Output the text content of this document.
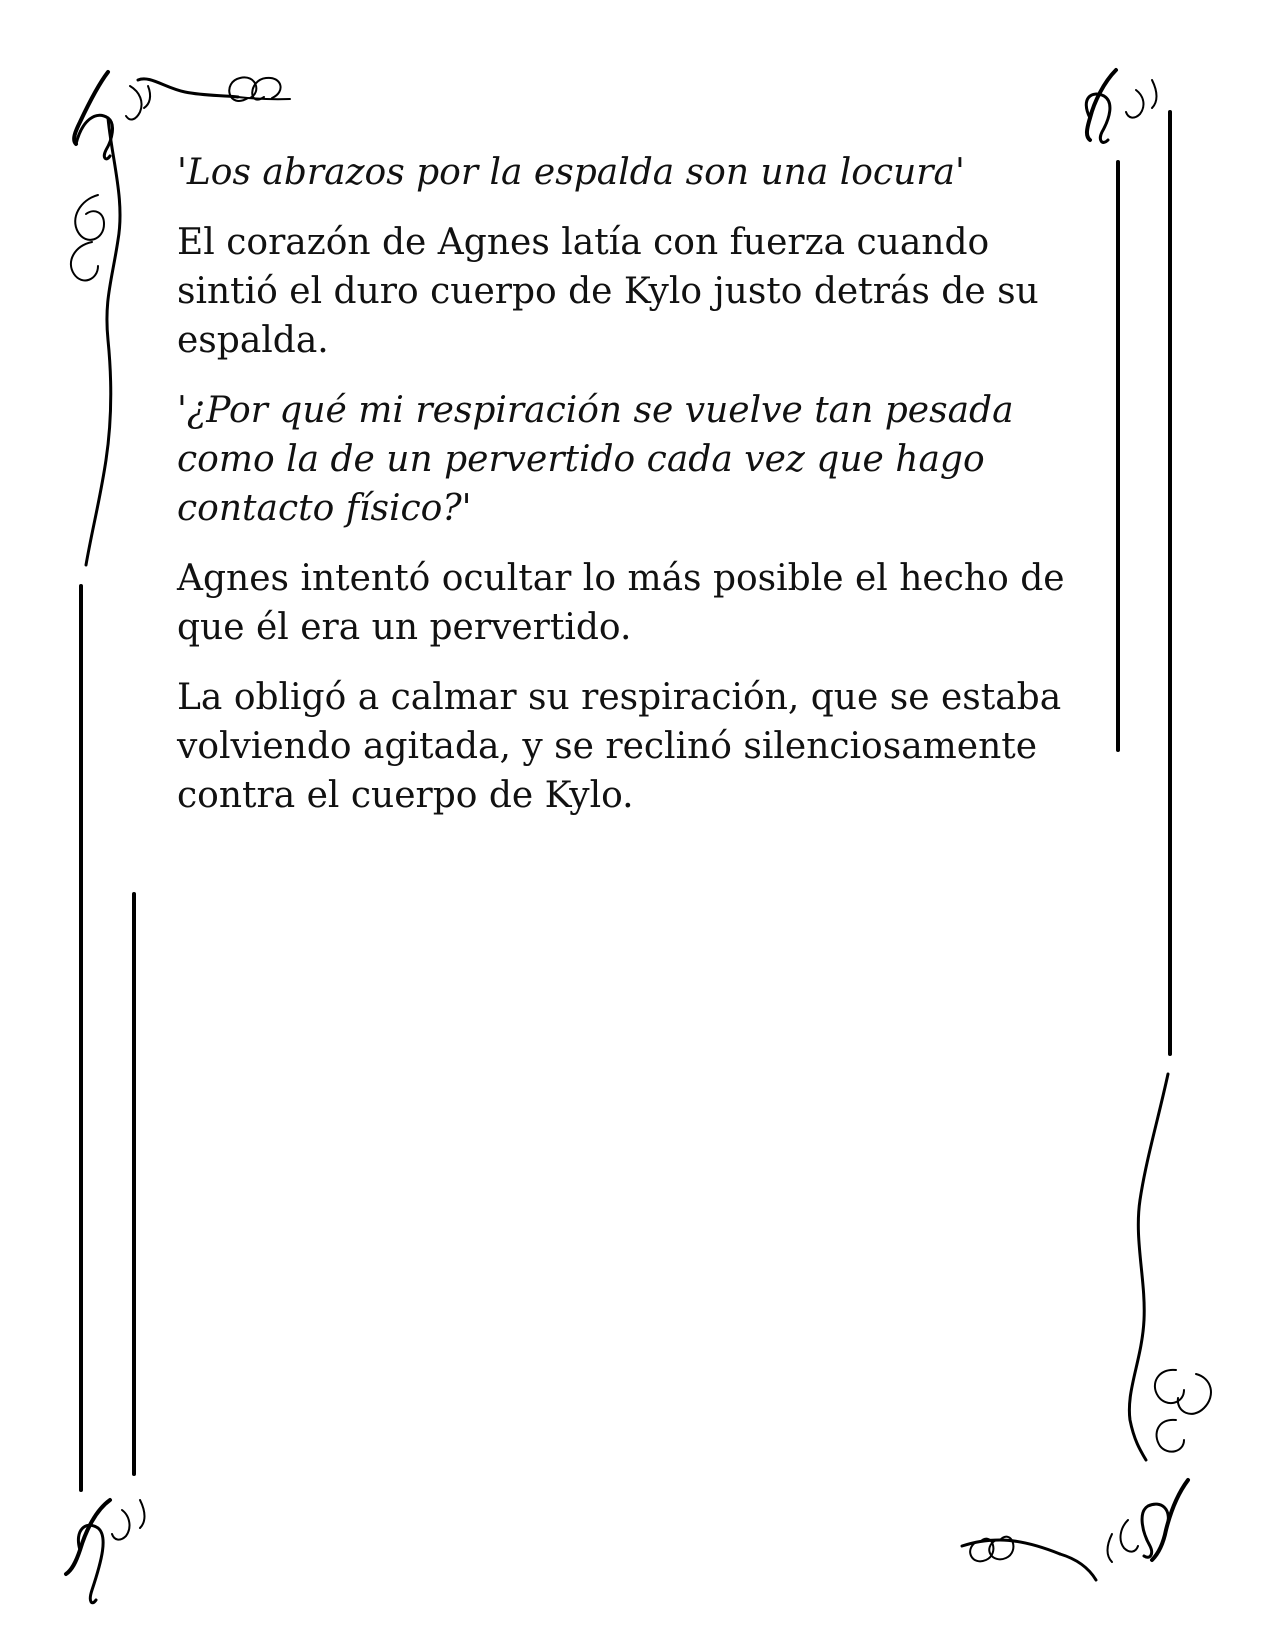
'Los abrazos por la espalda son una locura'

El corazón de Agnes latía con fuerza cuando sintió el duro cuerpo de Kylo justo detrás de su espalda.

'¿Por qué mi respiración se vuelve tan pesada como la de un pervertido cada vez que hago contacto físico?'

Agnes intentó ocultar lo más posible el hecho de que él era un pervertido.

La obligó a calmar su respiración, que se estaba volviendo agitada, y se reclinó silenciosamente contra el cuerpo de Kylo.
